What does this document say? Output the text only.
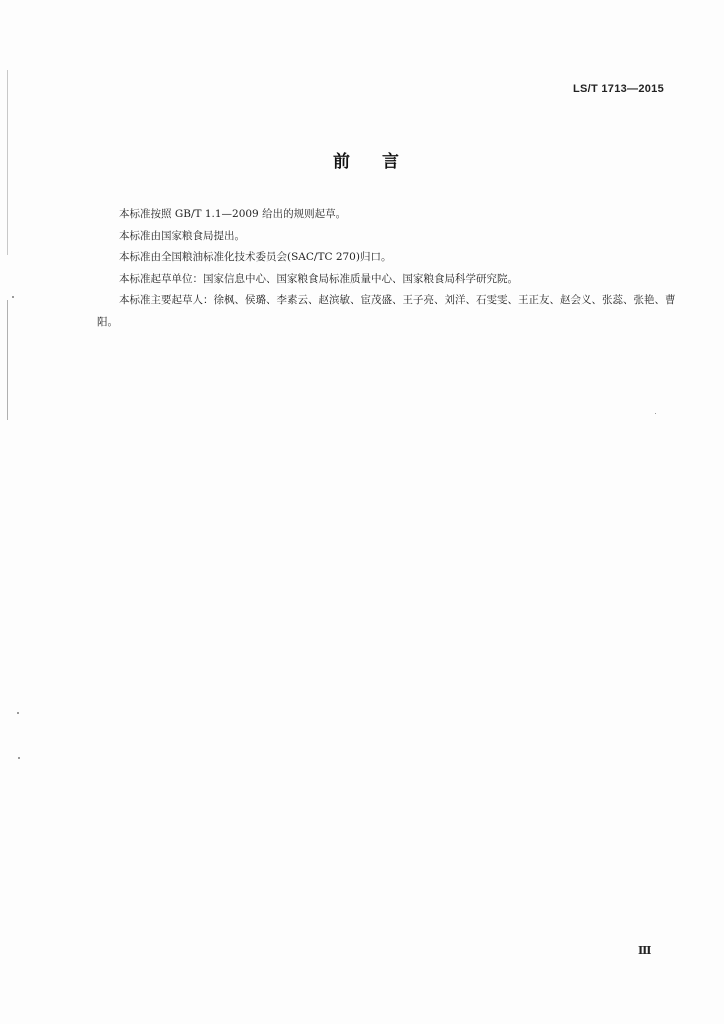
LS/T 1713—2015
前言

本标准按照 GB/T 1.1—2009 给出的规则起草。

本标准由国家粮食局提出。

本标准由全国粮油标准化技术委员会(SAC/TC 270)归口。

本标准起草单位：国家信息中心、国家粮食局标准质量中心、国家粮食局科学研究院。

本标准主要起草人：徐枫、侯璐、李素云、赵滨敏、宦茂盛、王子亮、刘洋、石雯雯、王正友、赵会义、张蕊、张艳、曹阳。

Ⅲ
